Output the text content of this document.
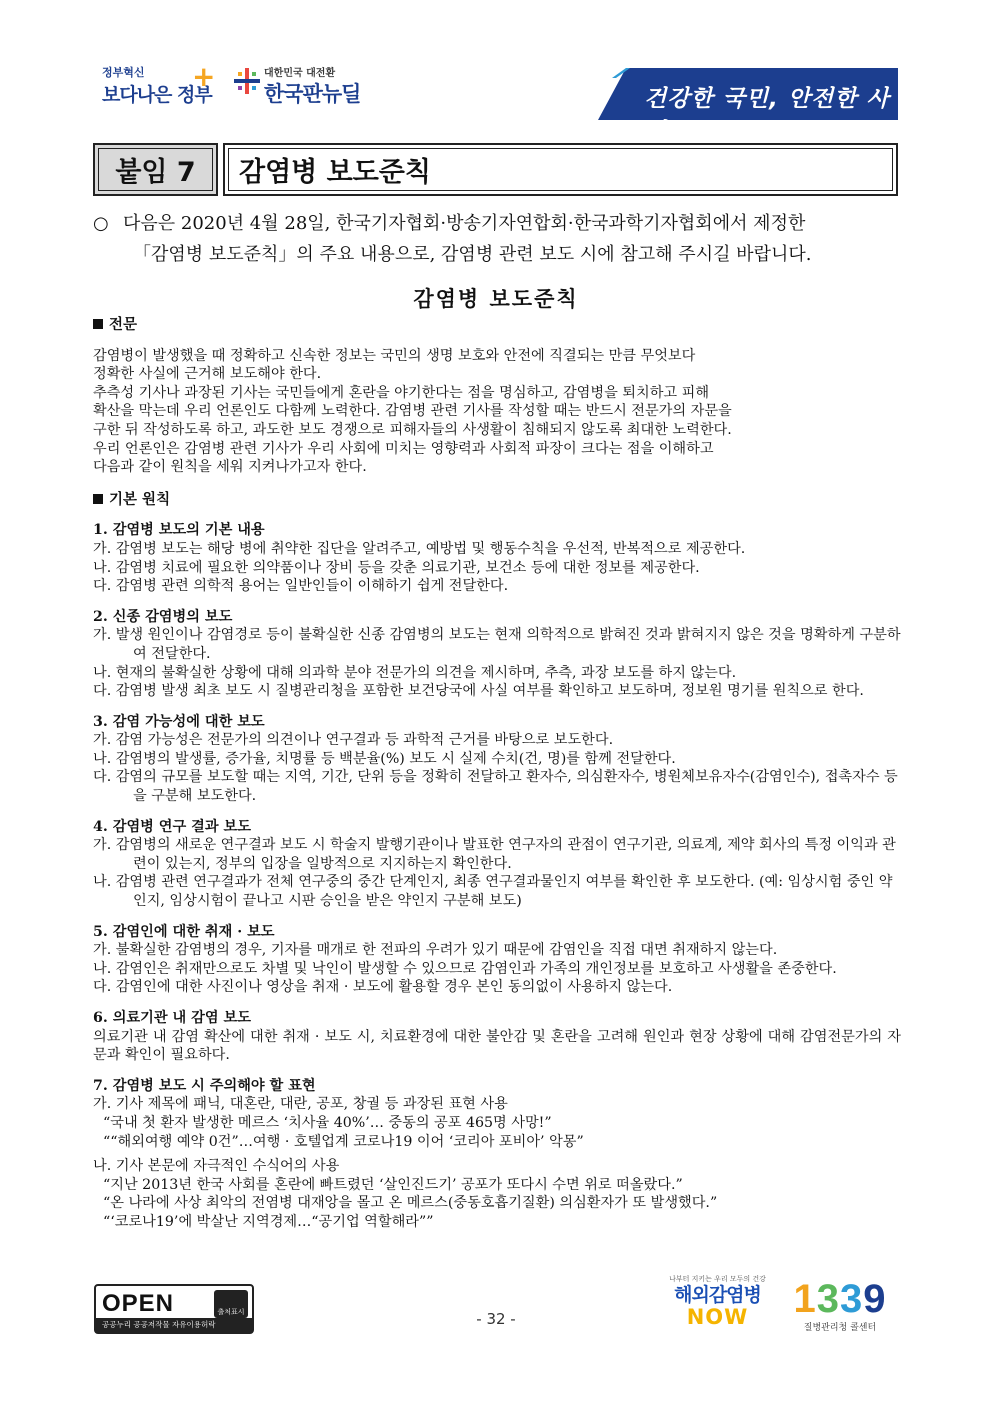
정부혁신
보다나은 정부
+	대한민국 대전환
한국판뉴딜	건강한 국민, 안전한 사회
붙임 7	감염병 보도준칙
○ 다음은 2020년 4월 28일, 한국기자협회·방송기자연합회·한국과학기자협회에서 제정한
「감염병 보도준칙」의 주요 내용으로, 감염병 관련 보도 시에 참고해 주시길 바랍니다.
감염병 보도준칙
전문
감염병이 발생했을 때 정확하고 신속한 정보는 국민의 생명 보호와 안전에 직결되는 만큼 무엇보다
정확한 사실에 근거해 보도해야 한다.
추측성 기사나 과장된 기사는 국민들에게 혼란을 야기한다는 점을 명심하고, 감염병을 퇴치하고 피해
확산을 막는데 우리 언론인도 다함께 노력한다. 감염병 관련 기사를 작성할 때는 반드시 전문가의 자문을
구한 뒤 작성하도록 하고, 과도한 보도 경쟁으로 피해자들의 사생활이 침해되지 않도록 최대한 노력한다.
우리 언론인은 감염병 관련 기사가 우리 사회에 미치는 영향력과 사회적 파장이 크다는 점을 이해하고
다음과 같이 원칙을 세워 지켜나가고자 한다.
기본 원칙
1. 감염병 보도의 기본 내용
가. 감염병 보도는 해당 병에 취약한 집단을 알려주고, 예방법 및 행동수칙을 우선적, 반복적으로 제공한다.
나. 감염병 치료에 필요한 의약품이나 장비 등을 갖춘 의료기관, 보건소 등에 대한 정보를 제공한다.
다. 감염병 관련 의학적 용어는 일반인들이 이해하기 쉽게 전달한다.
2. 신종 감염병의 보도
가. 발생 원인이나 감염경로 등이 불확실한 신종 감염병의 보도는 현재 의학적으로 밝혀진 것과 밝혀지지 않은 것을 명확하게 구분하여 전달한다.
나. 현재의 불확실한 상황에 대해 의과학 분야 전문가의 의견을 제시하며, 추측, 과장 보도를 하지 않는다.
다. 감염병 발생 최초 보도 시 질병관리청을 포함한 보건당국에 사실 여부를 확인하고 보도하며, 정보원 명기를 원칙으로 한다.
3. 감염 가능성에 대한 보도
가. 감염 가능성은 전문가의 의견이나 연구결과 등 과학적 근거를 바탕으로 보도한다.
나. 감염병의 발생률, 증가율, 치명률 등 백분율(%) 보도 시 실제 수치(건, 명)를 함께 전달한다.
다. 감염의 규모를 보도할 때는 지역, 기간, 단위 등을 정확히 전달하고 환자수, 의심환자수, 병원체보유자수(감염인수), 접촉자수 등을 구분해 보도한다.
4. 감염병 연구 결과 보도
가. 감염병의 새로운 연구결과 보도 시 학술지 발행기관이나 발표한 연구자의 관점이 연구기관, 의료계, 제약 회사의 특정 이익과 관련이 있는지, 정부의 입장을 일방적으로 지지하는지 확인한다.
나. 감염병 관련 연구결과가 전체 연구중의 중간 단계인지, 최종 연구결과물인지 여부를 확인한 후 보도한다. (예: 임상시험 중인 약인지, 임상시험이 끝나고 시판 승인을 받은 약인지 구분해 보도)
5. 감염인에 대한 취재 · 보도
가. 불확실한 감염병의 경우, 기자를 매개로 한 전파의 우려가 있기 때문에 감염인을 직접 대면 취재하지 않는다.
나. 감염인은 취재만으로도 차별 및 낙인이 발생할 수 있으므로 감염인과 가족의 개인정보를 보호하고 사생활을 존중한다.
다. 감염인에 대한 사진이나 영상을 취재 · 보도에 활용할 경우 본인 동의없이 사용하지 않는다.
6. 의료기관 내 감염 보도
의료기관 내 감염 확산에 대한 취재 · 보도 시, 치료환경에 대한 불안감 및 혼란을 고려해 원인과 현장 상황에 대해 감염전문가의 자문과 확인이 필요하다.
7. 감염병 보도 시 주의해야 할 표현
가. 기사 제목에 패닉, 대혼란, 대란, 공포, 창궐 등 과장된 표현 사용
“국내 첫 환자 발생한 메르스 ‘치사율 40%’… 중동의 공포 465명 사망!”
““해외여행 예약 0건”…여행 · 호텔업계 코로나19 이어 ‘코리아 포비아’ 악몽”
나. 기사 본문에 자극적인 수식어의 사용
“지난 2013년 한국 사회를 혼란에 빠트렸던 ‘살인진드기’ 공포가 또다시 수면 위로 떠올랐다.”
“온 나라에 사상 최악의 전염병 대재앙을 몰고 온 메르스(중동호흡기질환) 의심환자가 또 발생했다.”
“‘코로나19’에 박살난 지역경제…“공기업 역할해라””
OPEN	출처표시
공공누리 공공저작물 자유이용허락	- 32 -
나부터 지키는 우리 모두의 건강
해외감염병
NOW	1339
질병관리청 콜센터
